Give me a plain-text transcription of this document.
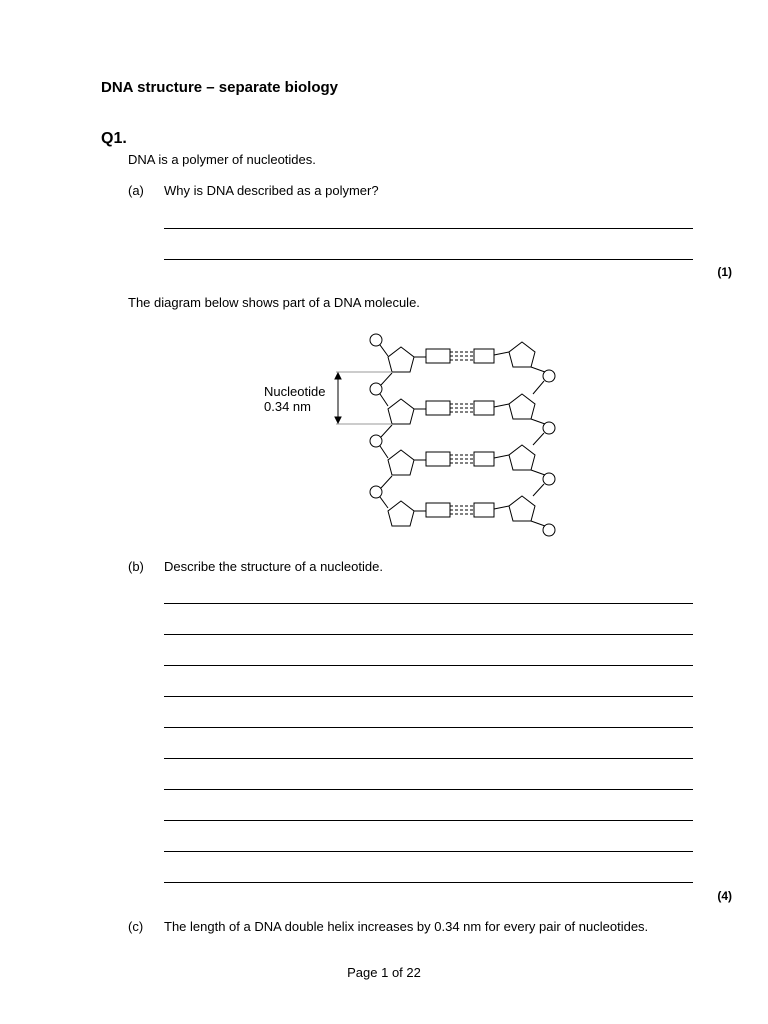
DNA structure – separate biology
Q1.
DNA is a polymer of nucleotides.
(a) Why is DNA described as a polymer?
(1)
The diagram below shows part of a DNA molecule.
Nucleotide
0.34 nm
(b) Describe the structure of a nucleotide.
(4)
(c) The length of a DNA double helix increases by 0.34 nm for every pair of nucleotides.
Page 1 of 22
